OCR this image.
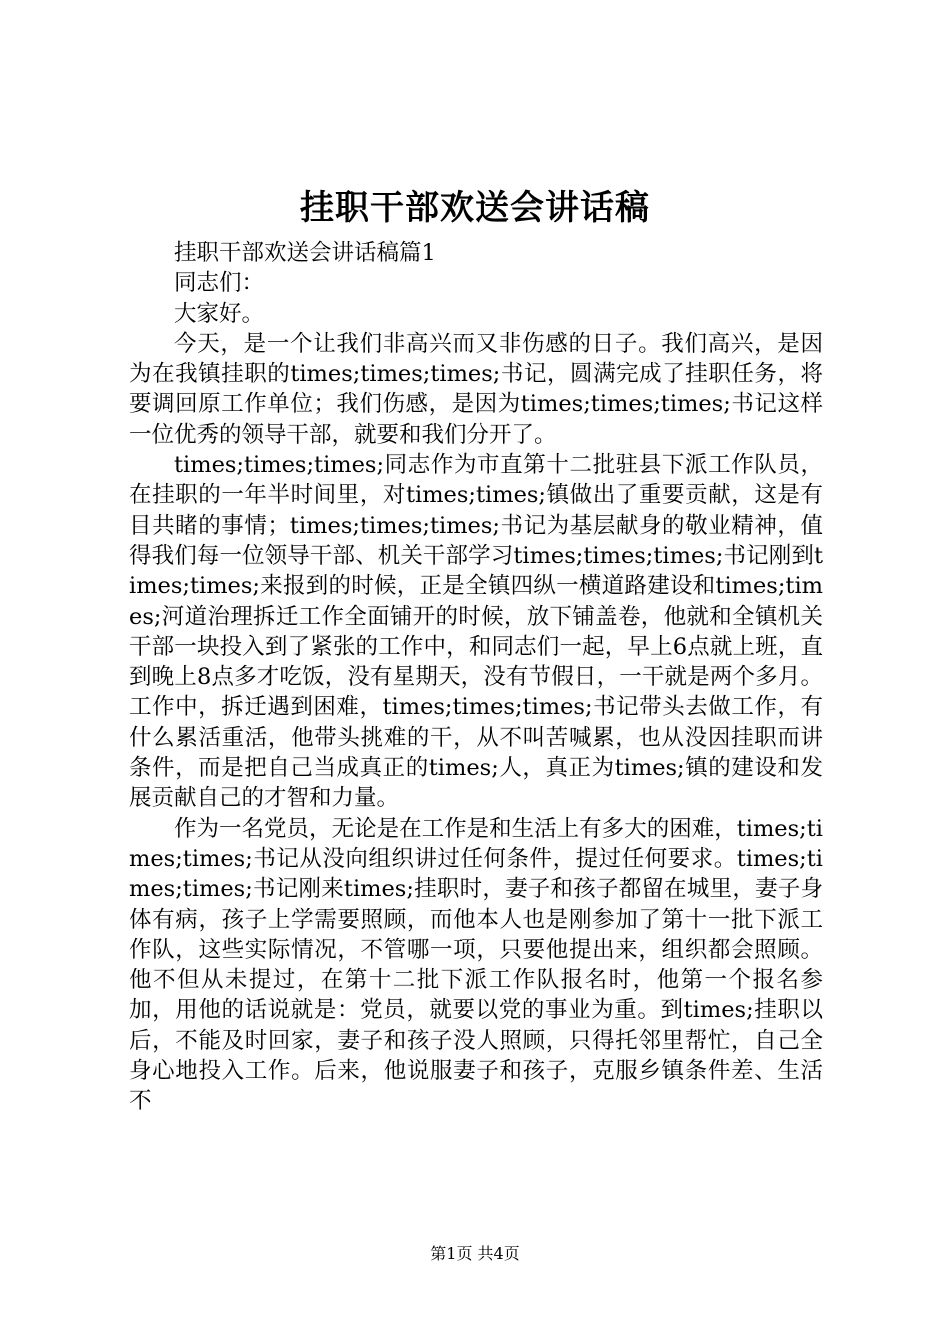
挂职干部欢送会讲话稿

挂职干部欢送会讲话稿篇1

同志们：

大家好。

今天，是一个让我们非高兴而又非伤感的日子。我们高兴，是因为在我镇挂职的times;times;times;书记，圆满完成了挂职任务，将要调回原工作单位；我们伤感，是因为times;times;times;书记这样一位优秀的领导干部，就要和我们分开了。

times;times;times;同志作为市直第十二批驻县下派工作队员，在挂职的一年半时间里，对times;times;镇做出了重要贡献，这是有目共睹的事情；times;times;times;书记为基层献身的敬业精神，值得我们每一位领导干部、机关干部学习times;times;times;书记刚到times;times;来报到的时候，正是全镇四纵一横道路建设和times;times;河道治理拆迁工作全面铺开的时候，放下铺盖卷，他就和全镇机关干部一块投入到了紧张的工作中，和同志们一起，早上6点就上班，直到晚上8点多才吃饭，没有星期天，没有节假日，一干就是两个多月。工作中，拆迁遇到困难，times;times;times;书记带头去做工作，有什么累活重活，他带头挑难的干，从不叫苦喊累，也从没因挂职而讲条件，而是把自己当成真正的times;人，真正为times;镇的建设和发展贡献自己的才智和力量。

作为一名党员，无论是在工作是和生活上有多大的困难，times;times;times;书记从没向组织讲过任何条件，提过任何要求。times;times;times;书记刚来times;挂职时，妻子和孩子都留在城里，妻子身体有病，孩子上学需要照顾，而他本人也是刚参加了第十一批下派工作队，这些实际情况，不管哪一项，只要他提出来，组织都会照顾。他不但从未提过，在第十二批下派工作队报名时，他第一个报名参加，用他的话说就是：党员，就要以党的事业为重。到times;挂职以后，不能及时回家，妻子和孩子没人照顾，只得托邻里帮忙，自己全身心地投入工作。后来，他说服妻子和孩子，克服乡镇条件差、生活不

第1页 共4页
